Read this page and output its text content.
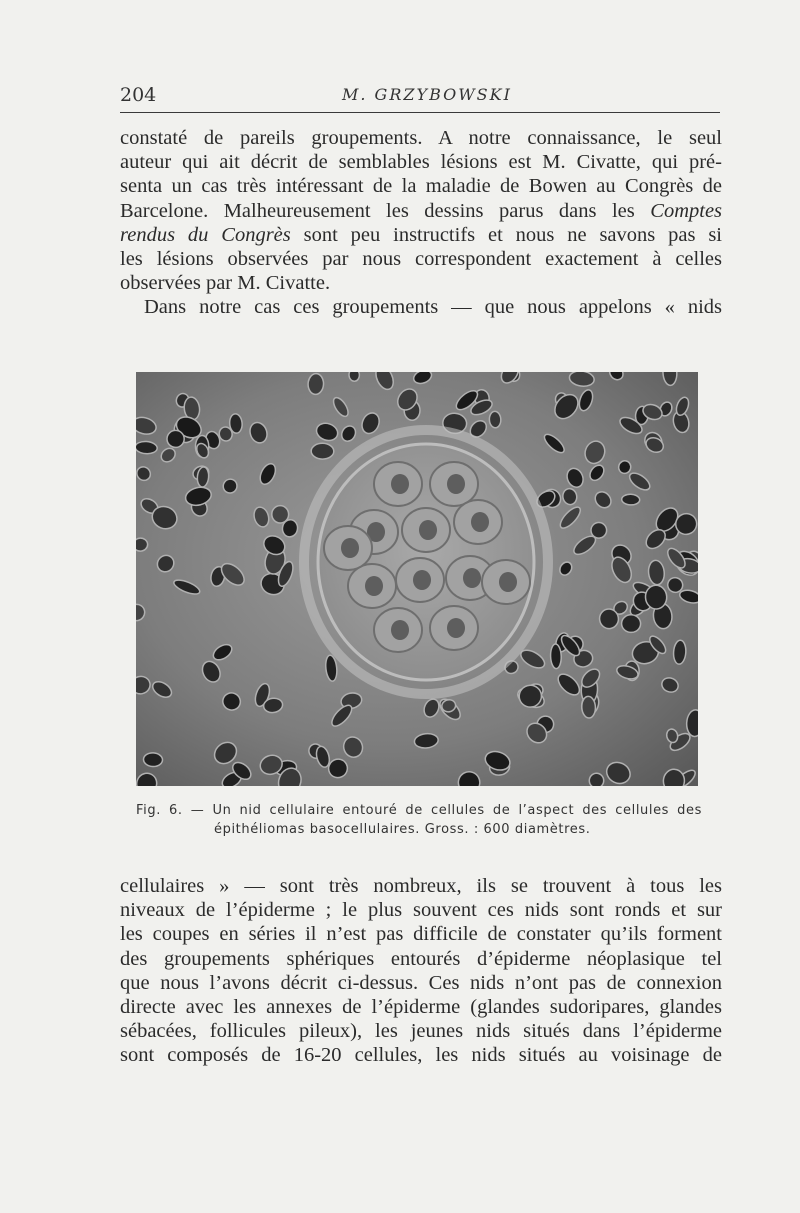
204	M. GRZYBOWSKI
constaté de pareils groupements. A notre connaissance, le seul
auteur qui ait décrit de semblables lésions est M. Civatte, qui pré-
senta un cas très intéressant de la maladie de Bowen au Congrès de
Barcelone. Malheureusement les dessins parus dans les Comptes
rendus du Congrès sont peu instructifs et nous ne savons pas si
les lésions observées par nous correspondent exactement à celles
observées par M. Civatte.
Dans notre cas ces groupements — que nous appelons « nids
Fig. 6. — Un nid cellulaire entouré de cellules de l’aspect des cellules des
épithéliomas basocellulaires. Gross. : 600 diamètres.
cellulaires » — sont très nombreux, ils se trouvent à tous les
niveaux de l’épiderme ; le plus souvent ces nids sont ronds et sur
les coupes en séries il n’est pas difficile de constater qu’ils forment
des groupements sphériques entourés d’épiderme néoplasique tel
que nous l’avons décrit ci-dessus. Ces nids n’ont pas de connexion
directe avec les annexes de l’épiderme (glandes sudoripares, glandes
sébacées, follicules pileux), les jeunes nids situés dans l’épiderme
sont composés de 16-20 cellules, les nids situés au voisinage de
